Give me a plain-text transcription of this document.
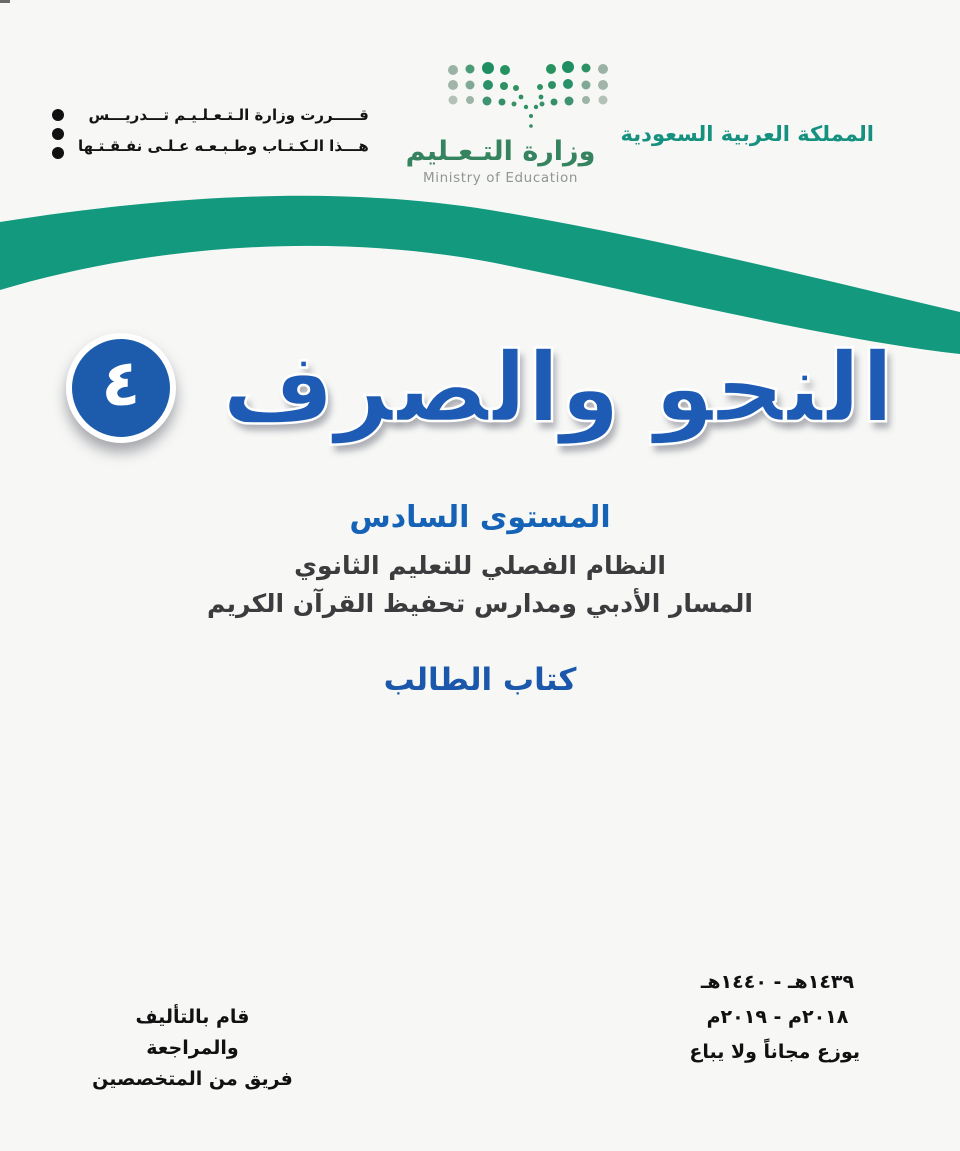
قـــــررت وزارة الـتـعـلـيـم تـــدريـــس
هـــذا الـكـتـاب وطـبـعـه عـلـى نفـقـتـها	وزارة التـعـليم
Ministry of Education
المملكة العربية السعودية
النحو والصرف
٤
المستوى السادس
النظام الفصلي للتعليم الثانوي
المسار الأدبي ومدارس تحفيظ القرآن الكريم
كتاب الطالب
قام بالتأليف والمراجعة
فريق من المتخصصين
١٤٣٩هـ - ١٤٤٠هـ
٢٠١٨م - ٢٠١٩م
يوزع مجاناً ولا يباع
